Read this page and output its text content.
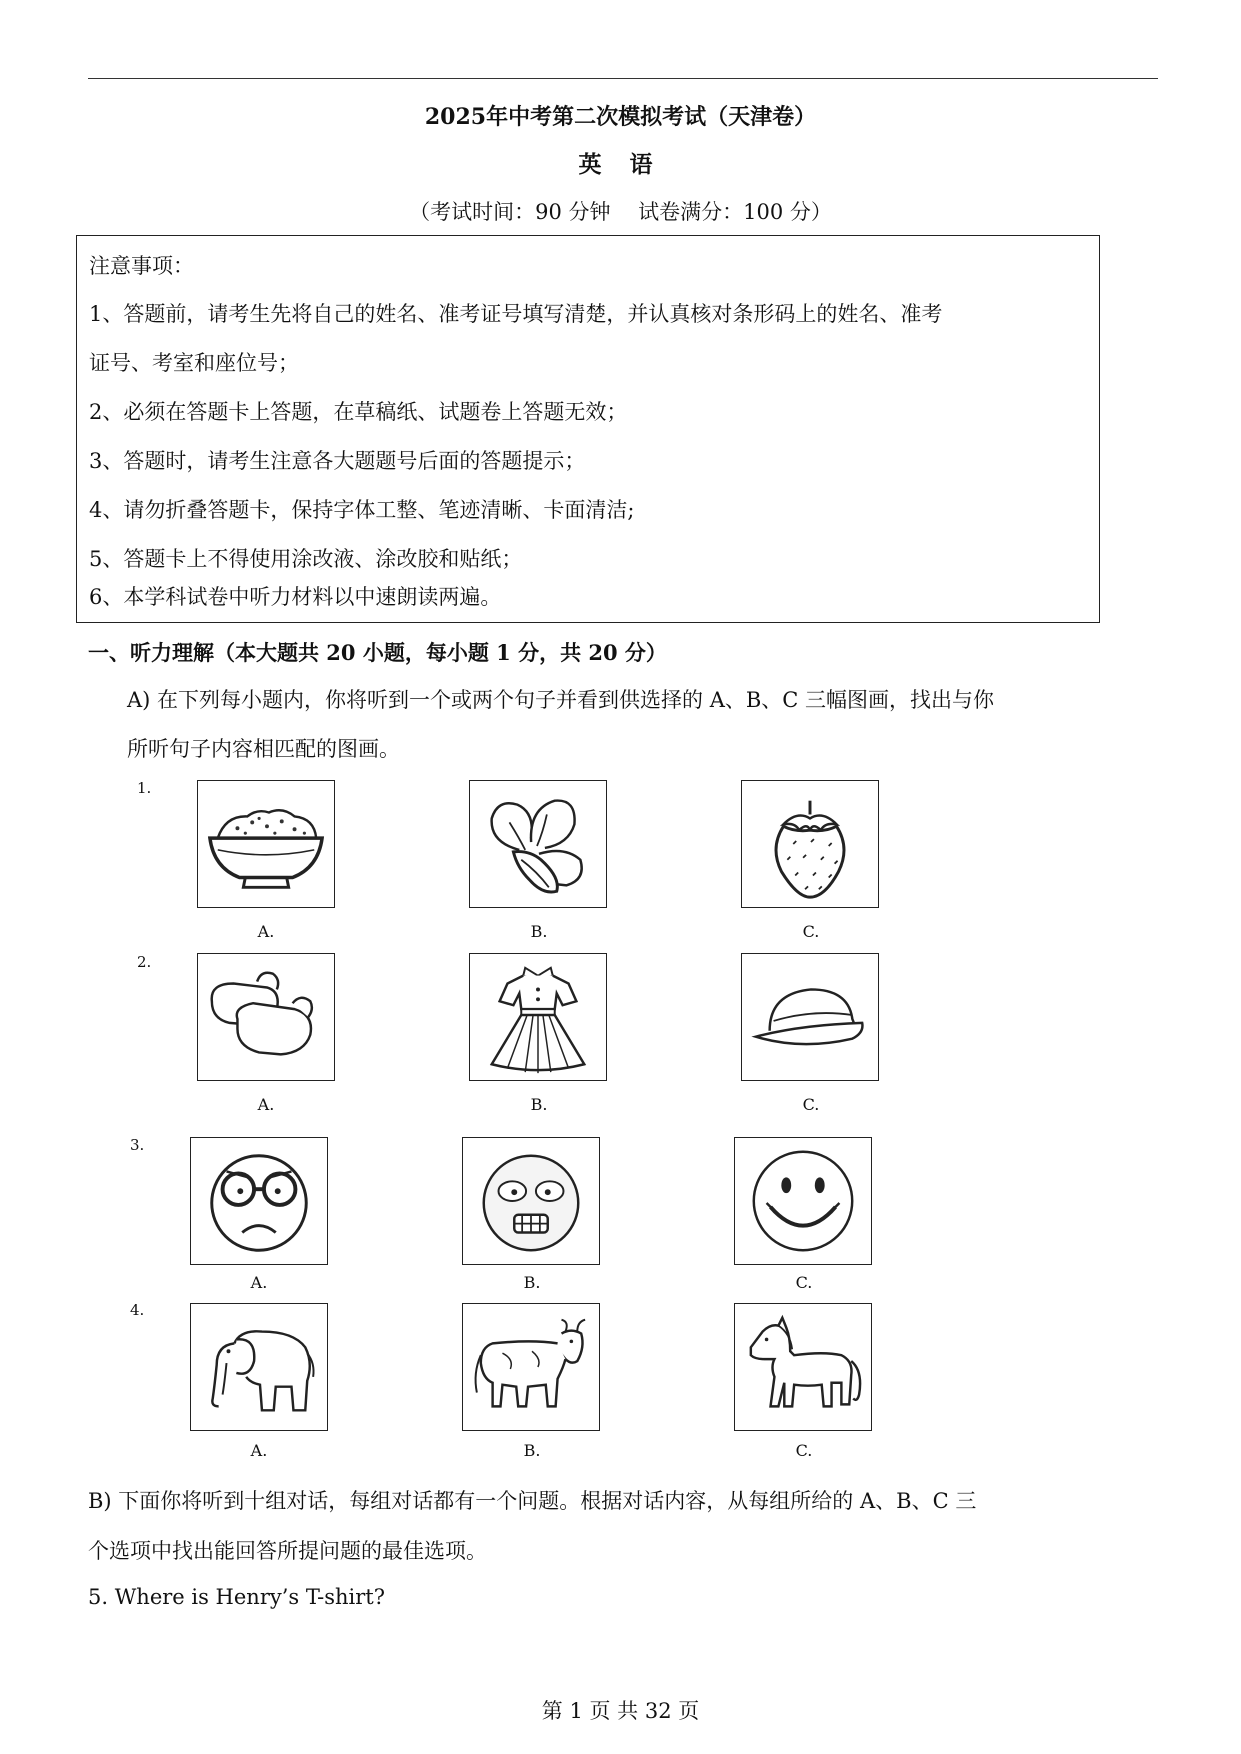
2025年中考第二次模拟考试（天津卷）
英 语
（考试时间：90 分钟　 试卷满分：100 分）
注意事项：
1、答题前，请考生先将自己的姓名、准考证号填写清楚，并认真核对条形码上的姓名、准考
证号、考室和座位号；
2、必须在答题卡上答题，在草稿纸、试题卷上答题无效；
3、答题时，请考生注意各大题题号后面的答题提示；
4、请勿折叠答题卡，保持字体工整、笔迹清晰、卡面清洁;
5、答题卡上不得使用涂改液、涂改胶和贴纸；
6、本学科试卷中听力材料以中速朗读两遍。
一、听力理解（本大题共 20 小题，每小题 1 分，共 20 分）
A) 在下列每小题内，你将听到一个或两个句子并看到供选择的 A、B、C 三幅图画，找出与你
所听句子内容相匹配的图画。
1.
A.	B.	C.
2.
A.	B.	C.
3.
A.	B.	C.
4.
A.	B.	C.
B) 下面你将听到十组对话，每组对话都有一个问题。根据对话内容，从每组所给的 A、B、C 三
个选项中找出能回答所提问题的最佳选项。
5. Where is Henry’s T-shirt?
第 1 页 共 32 页
